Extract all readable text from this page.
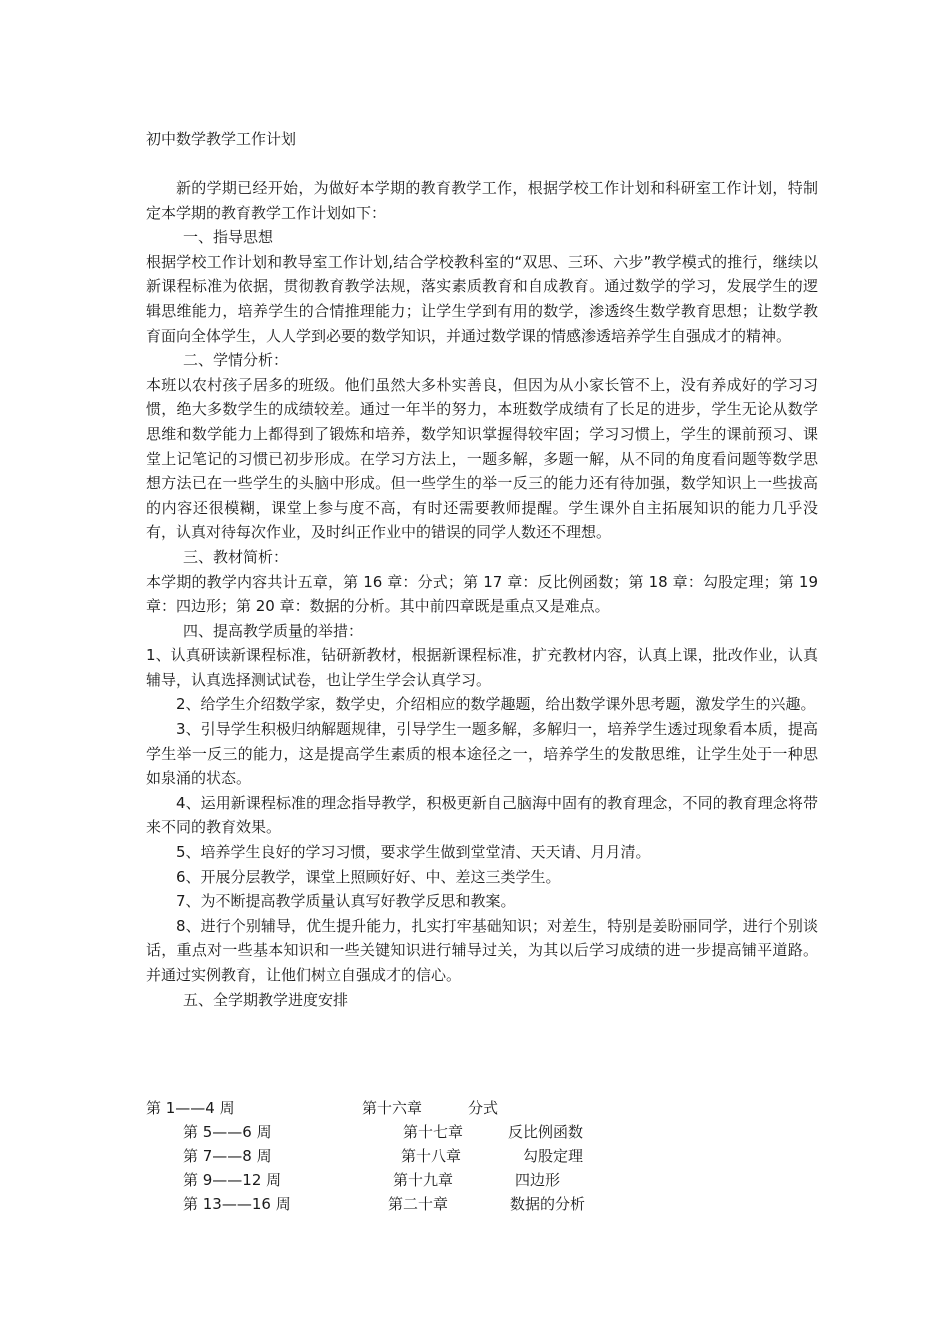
初中数学教学工作计划

新的学期已经开始，为做好本学期的教育教学工作，根据学校工作计划和科研室工作计划，特制定本学期的教育教学工作计划如下：

一、指导思想

根据学校工作计划和教导室工作计划,结合学校教科室的“双思、三环、六步”教学模式的推行，继续以新课程标准为依据，贯彻教育教学法规，落实素质教育和自成教育。通过数学的学习，发展学生的逻辑思维能力，培养学生的合情推理能力；让学生学到有用的数学，渗透终生数学教育思想；让数学教育面向全体学生，人人学到必要的数学知识，并通过数学课的情感渗透培养学生自强成才的精神。

二、学情分析：

本班以农村孩子居多的班级。他们虽然大多朴实善良，但因为从小家长管不上，没有养成好的学习习惯，绝大多数学生的成绩较差。通过一年半的努力，本班数学成绩有了长足的进步，学生无论从数学思维和数学能力上都得到了锻炼和培养，数学知识掌握得较牢固；学习习惯上，学生的课前预习、课堂上记笔记的习惯已初步形成。在学习方法上，一题多解，多题一解，从不同的角度看问题等数学思想方法已在一些学生的头脑中形成。但一些学生的举一反三的能力还有待加强，数学知识上一些拔高的内容还很模糊，课堂上参与度不高，有时还需要教师提醒。学生课外自主拓展知识的能力几乎没有，认真对待每次作业，及时纠正作业中的错误的同学人数还不理想。

三、教材简析：

本学期的教学内容共计五章，第 16 章：分式；第 17 章：反比例函数；第 18 章：勾股定理；第 19 章：四边形；第 20 章：数据的分析。其中前四章既是重点又是难点。

四、提高教学质量的举措：

1、认真研读新课程标准，钻研新教材，根据新课程标准，扩充教材内容，认真上课，批改作业，认真辅导，认真选择测试试卷，也让学生学会认真学习。

2、给学生介绍数学家，数学史，介绍相应的数学趣题，给出数学课外思考题，激发学生的兴趣。

3、引导学生积极归纳解题规律，引导学生一题多解，多解归一，培养学生透过现象看本质，提高学生举一反三的能力，这是提高学生素质的根本途径之一，培养学生的发散思维，让学生处于一种思如泉涌的状态。

4、运用新课程标准的理念指导教学，积极更新自己脑海中固有的教育理念，不同的教育理念将带来不同的教育效果。

5、培养学生良好的学习习惯，要求学生做到堂堂清、天天请、月月清。

6、开展分层教学，课堂上照顾好好、中、差这三类学生。

7、为不断提高教学质量认真写好教学反思和教案。

8、进行个别辅导，优生提升能力，扎实打牢基础知识；对差生，特别是姜盼丽同学，进行个别谈话，重点对一些基本知识和一些关键知识进行辅导过关，为其以后学习成绩的进一步提高铺平道路。并通过实例教育，让他们树立自强成才的信心。

五、全学期教学进度安排

第 1——4 周	第十六章	分式
第 5——6 周	第十七章	反比例函数
第 7——8 周	第十八章	勾股定理
第 9——12 周	第十九章	四边形
第 13——16 周	第二十章	数据的分析
